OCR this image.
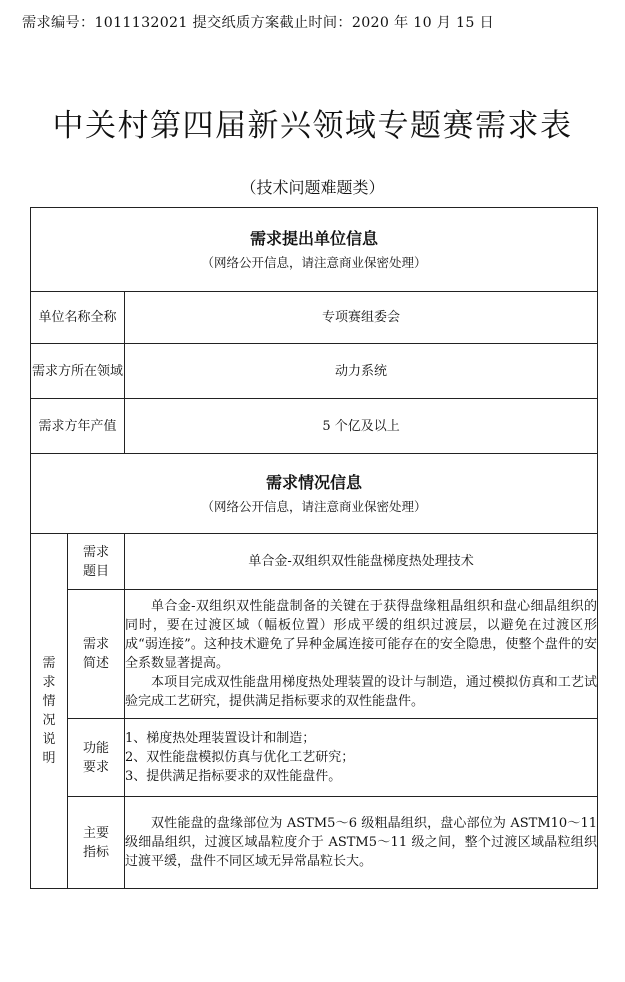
需求编号：1011132021 提交纸质方案截止时间：2020 年 10 月 15 日
中关村第四届新兴领域专题赛需求表
（技术问题难题类）
需求提出单位信息
（网络公开信息，请注意商业保密处理）		

单位名称全称		专项赛组委会
需求方所在领域		动力系统
需求方年产值		5 个亿及以上

需求情况信息
（网络公开信息，请注意商业保密处理）		

需求情况说明	需求题目	单合金-双组织双性能盘梯度热处理技术

	需求简述	单合金-双组织双性能盘制备的关键在于获得盘缘粗晶组织和盘心细晶组织的同时，要在过渡区域（幅板位置）形成平缓的组织过渡层，以避免在过渡区形成“弱连接”。这种技术避免了异种金属连接可能存在的安全隐患，使整个盘件的安全系数显著提高。
本项目完成双性能盘用梯度热处理装置的设计与制造，通过模拟仿真和工艺试验完成工艺研究，提供满足指标要求的双性能盘件。

	功能要求	1、梯度热处理装置设计和制造；
2、双性能盘模拟仿真与优化工艺研究；
3、提供满足指标要求的双性能盘件。

	主要指标	双性能盘的盘缘部位为 ASTM5～6 级粗晶组织，盘心部位为 ASTM10～11 级细晶组织，过渡区域晶粒度介于 ASTM5～11 级之间，整个过渡区域晶粒组织过渡平缓，盘件不同区域无异常晶粒长大。
